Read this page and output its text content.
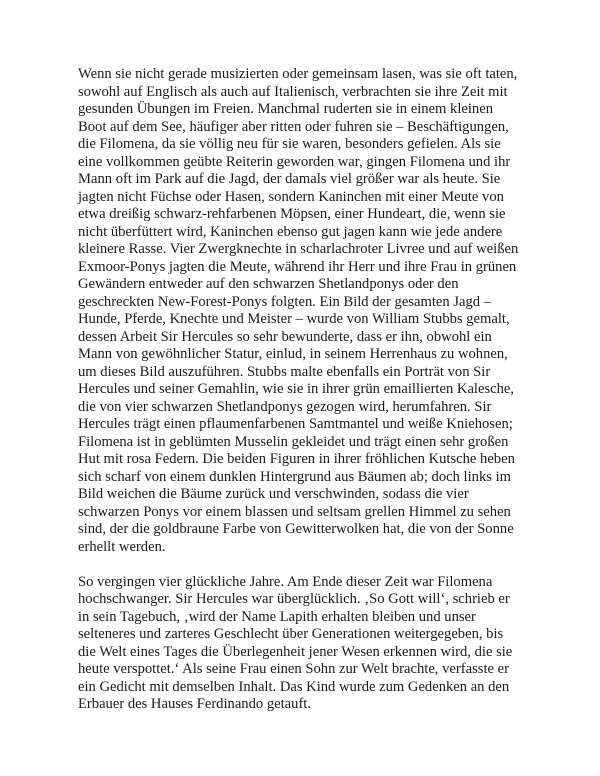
Wenn sie nicht gerade musizierten oder gemeinsam lasen, was sie oft taten,
sowohl auf Englisch als auch auf Italienisch, verbrachten sie ihre Zeit mit
gesunden Übungen im Freien. Manchmal ruderten sie in einem kleinen
Boot auf dem See, häufiger aber ritten oder fuhren sie – Beschäftigungen,
die Filomena, da sie völlig neu für sie waren, besonders gefielen. Als sie
eine vollkommen geübte Reiterin geworden war, gingen Filomena und ihr
Mann oft im Park auf die Jagd, der damals viel größer war als heute. Sie
jagten nicht Füchse oder Hasen, sondern Kaninchen mit einer Meute von
etwa dreißig schwarz-rehfarbenen Möpsen, einer Hundeart, die, wenn sie
nicht überfüttert wird, Kaninchen ebenso gut jagen kann wie jede andere
kleinere Rasse. Vier Zwergknechte in scharlachroter Livree und auf weißen
Exmoor-Ponys jagten die Meute, während ihr Herr und ihre Frau in grünen
Gewändern entweder auf den schwarzen Shetlandponys oder den
geschreckten New-Forest-Ponys folgten. Ein Bild der gesamten Jagd –
Hunde, Pferde, Knechte und Meister – wurde von William Stubbs gemalt,
dessen Arbeit Sir Hercules so sehr bewunderte, dass er ihn, obwohl ein
Mann von gewöhnlicher Statur, einlud, in seinem Herrenhaus zu wohnen,
um dieses Bild auszuführen. Stubbs malte ebenfalls ein Porträt von Sir
Hercules und seiner Gemahlin, wie sie in ihrer grün emaillierten Kalesche,
die von vier schwarzen Shetlandponys gezogen wird, herumfahren. Sir
Hercules trägt einen pflaumenfarbenen Samtmantel und weiße Kniehosen;
Filomena ist in geblümten Musselin gekleidet und trägt einen sehr großen
Hut mit rosa Federn. Die beiden Figuren in ihrer fröhlichen Kutsche heben
sich scharf von einem dunklen Hintergrund aus Bäumen ab; doch links im
Bild weichen die Bäume zurück und verschwinden, sodass die vier
schwarzen Ponys vor einem blassen und seltsam grellen Himmel zu sehen
sind, der die goldbraune Farbe von Gewitterwolken hat, die von der Sonne
erhellt werden.
So vergingen vier glückliche Jahre. Am Ende dieser Zeit war Filomena
hochschwanger. Sir Hercules war überglücklich. ‚So Gott will‘, schrieb er
in sein Tagebuch, ‚wird der Name Lapith erhalten bleiben und unser
selteneres und zarteres Geschlecht über Generationen weitergegeben, bis
die Welt eines Tages die Überlegenheit jener Wesen erkennen wird, die sie
heute verspottet.‘ Als seine Frau einen Sohn zur Welt brachte, verfasste er
ein Gedicht mit demselben Inhalt. Das Kind wurde zum Gedenken an den
Erbauer des Hauses Ferdinando getauft.
